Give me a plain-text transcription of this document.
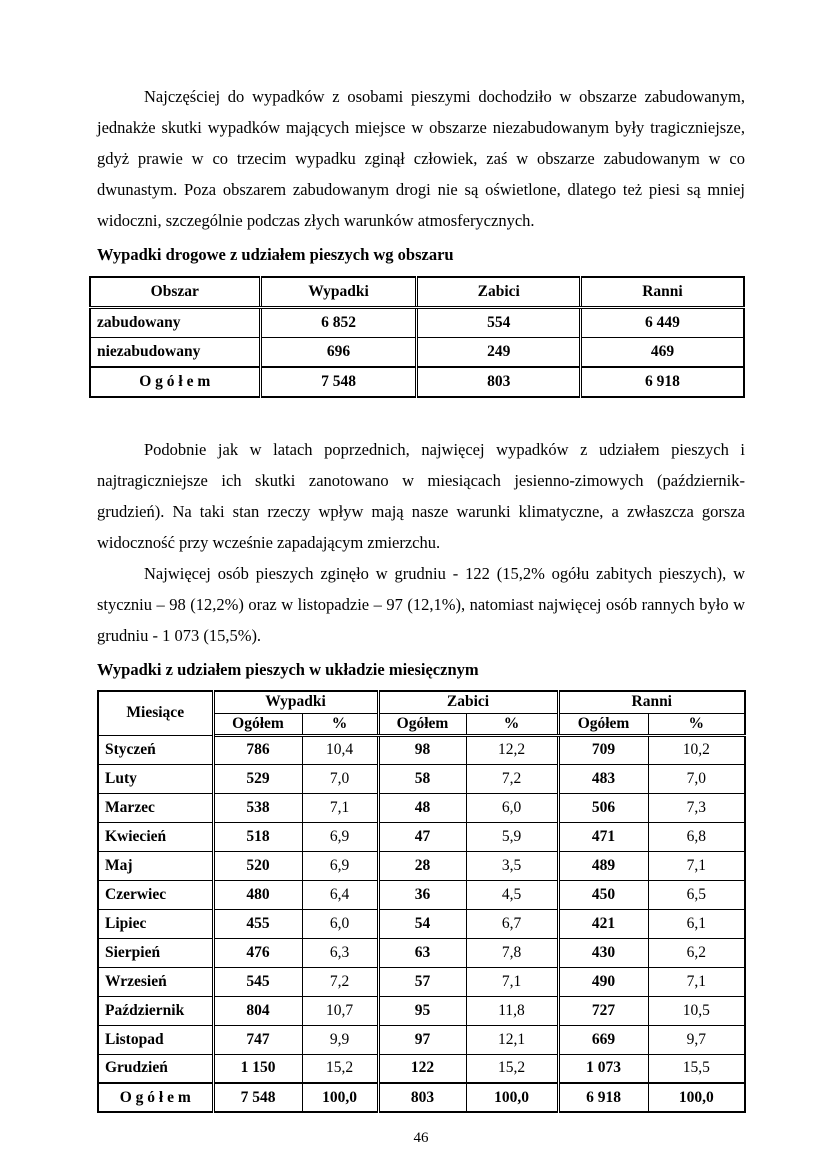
Najczęściej do wypadków z osobami pieszymi dochodziło w obszarze zabudowanym, jednakże skutki wypadków mających miejsce w obszarze niezabudowanym były tragiczniejsze, gdyż prawie w co trzecim wypadku zginął człowiek, zaś w obszarze zabudowanym w co dwunastym. Poza obszarem zabudowanym drogi nie są oświetlone, dlatego też piesi są mniej widoczni, szczególnie podczas złych warunków atmosferycznych.

Wypadki drogowe z udziałem pieszych wg obszaru
Obszar	Wypadki	Zabici	Ranni
zabudowany	6 852	554	6 449
niezabudowany	696	249	469
O g ó ł e m	7 548	803	6 918

Podobnie jak w latach poprzednich, najwięcej wypadków z udziałem pieszych i najtragiczniejsze ich skutki zanotowano w miesiącach jesienno-zimowych (październik-grudzień). Na taki stan rzeczy wpływ mają nasze warunki klimatyczne, a zwłaszcza gorsza widoczność przy wcześnie zapadającym zmierzchu.

Najwięcej osób pieszych zginęło w grudniu - 122 (15,2% ogółu zabitych pieszych), w styczniu – 98 (12,2%) oraz w listopadzie – 97 (12,1%), natomiast najwięcej osób rannych było w grudniu - 1 073 (15,5%).

Wypadki z udziałem pieszych w układzie miesięcznym
Miesiące	Wypadki		Zabici		Ranni	
	Ogółem	%	Ogółem	%	Ogółem	%
Styczeń	786	10,4	98	12,2	709	10,2
Luty	529	7,0	58	7,2	483	7,0
Marzec	538	7,1	48	6,0	506	7,3
Kwiecień	518	6,9	47	5,9	471	6,8
Maj	520	6,9	28	3,5	489	7,1
Czerwiec	480	6,4	36	4,5	450	6,5
Lipiec	455	6,0	54	6,7	421	6,1
Sierpień	476	6,3	63	7,8	430	6,2
Wrzesień	545	7,2	57	7,1	490	7,1
Październik	804	10,7	95	11,8	727	10,5
Listopad	747	9,9	97	12,1	669	9,7
Grudzień	1 150	15,2	122	15,2	1 073	15,5
O g ó ł e m	7 548	100,0	803	100,0	6 918	100,0
46
